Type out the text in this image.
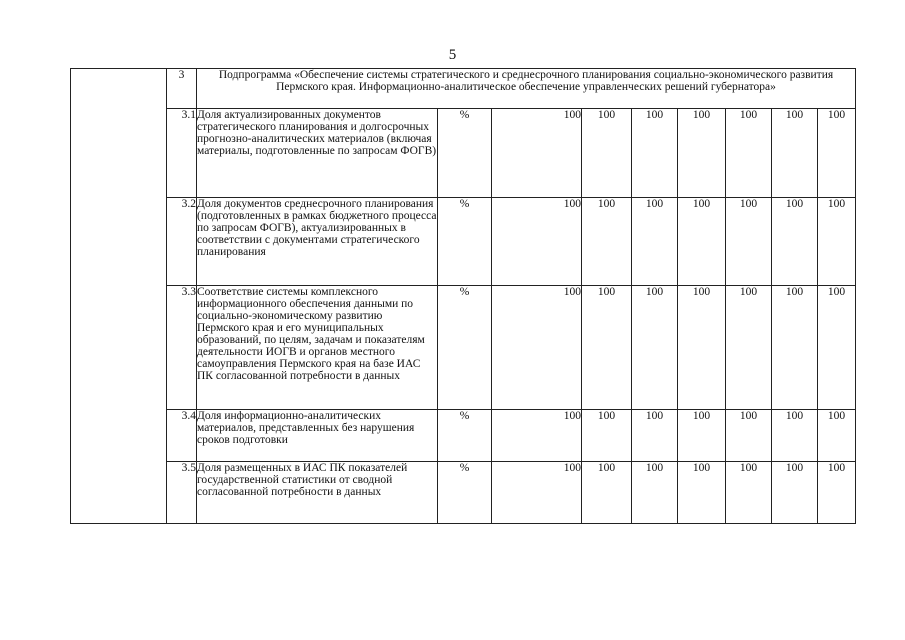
5
	3	Подпрограмма «Обеспечение системы стратегического и среднесрочного планирования социально-экономического развития Пермского края. Информационно-аналитическое обеспечение управленческих решений губернатора»								
	3.1	Доля актуализированных документов стратегического планирования и долгосрочных прогнозно-аналитических материалов (включая материалы, подготовленные по запросам ФОГВ)	%	100	100	100	100	100	100	100
	3.2	Доля документов среднесрочного планирования (подготовленных в рамках бюджетного процесса по запросам ФОГВ), актуализированных в соответствии с документами стратегического планирования	%	100	100	100	100	100	100	100
	3.3	Соответствие системы комплексного информационного обеспечения данными по социально-экономическому развитию Пермского края и его муниципальных образований, по целям, задачам и показателям деятельности ИОГВ и органов местного самоуправления Пермского края на базе ИАС ПК согласованной потребности в данных	%	100	100	100	100	100	100	100
	3.4	Доля информационно-аналитических материалов, представленных без нарушения сроков подготовки	%	100	100	100	100	100	100	100
	3.5	Доля размещенных в ИАС ПК показателей государственной статистики от сводной согласованной потребности в данных	%	100	100	100	100	100	100	100
